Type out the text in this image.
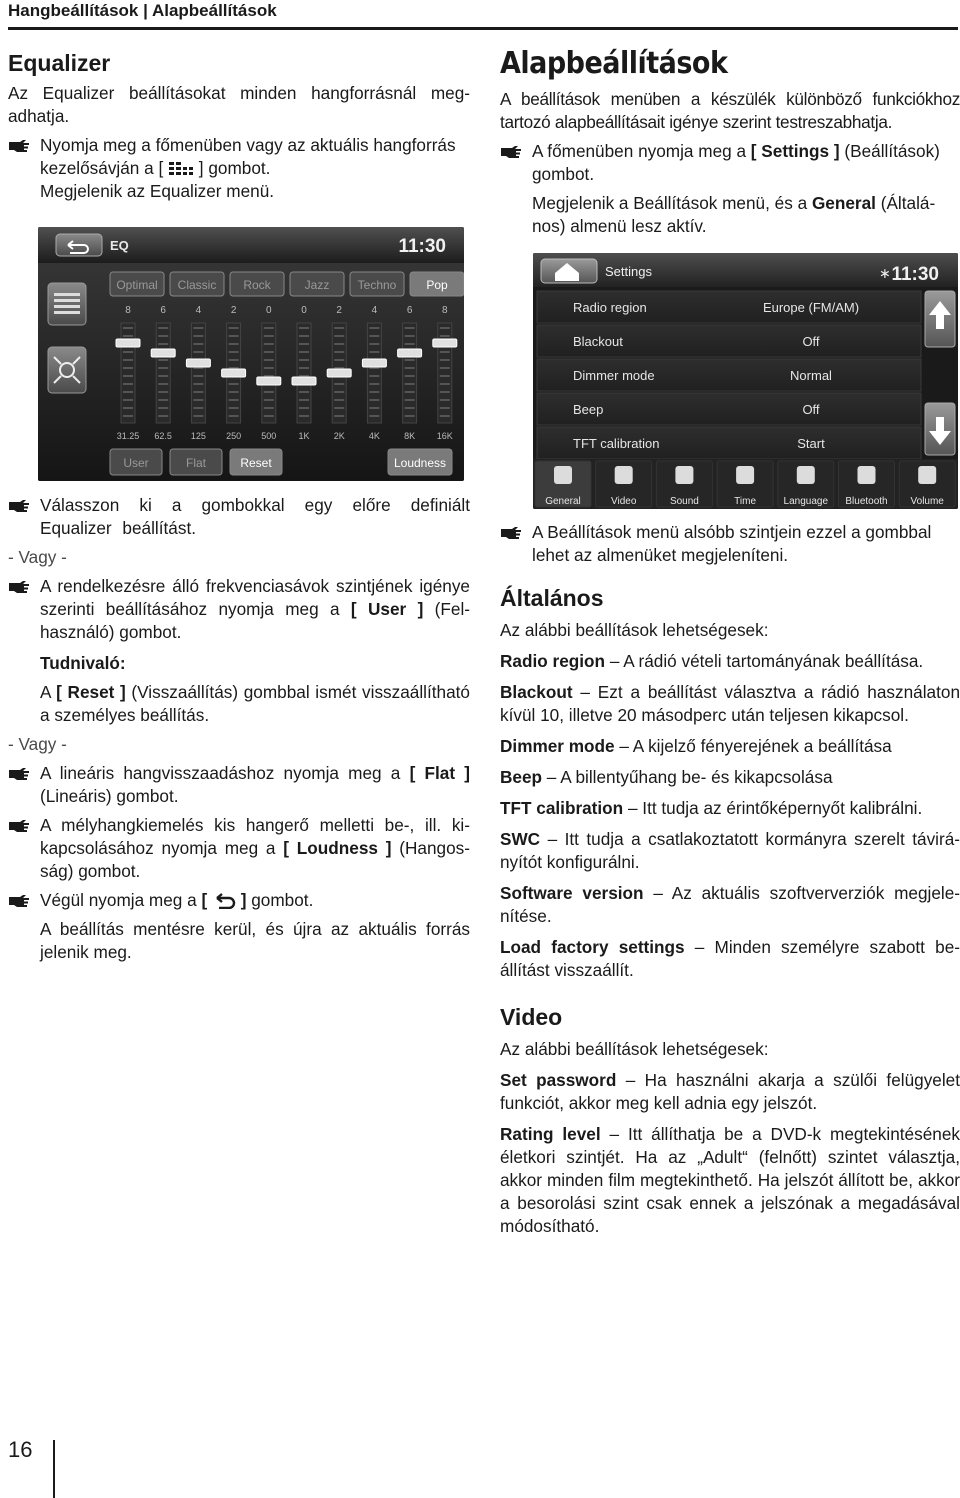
Hangbeállítások | Alapbeállítások
Equalizer

Az Equalizer beállításokat minden hangforrásnál megadhatja.

Nyomja meg a főmenüben vagy az aktuális hangforrás kezelősávján a [  ] gombot.

Megjelenik az Equalizer menü.

EQ	11:30
Optimal Classic Rock	Jazz Techno Pop
8	6	4	2	0	0	2	4	6	8
31.25 62.5 125 250 500 1K	2K	4K	8K 16K
User	Flat	Reset	Loudness

Válasszon ki a gombokkal egy előre definiált Equalizer beállítást.

- Vagy -

A rendelkezésre álló frekvenciasávok szintjének igénye szerinti beállításához nyomja meg a [ User ] (Felhasználó) gombot.

Tudnivaló:

A [ Reset ] (Visszaállítás) gombbal ismét visszaállítható a személyes beállítás.

- Vagy -

A lineáris hangvisszaadáshoz nyomja meg a [ Flat ] (Lineáris) gombot.

A mélyhangkiemelés kis hangerő melletti be-, ill. kikapcsolásához nyomja meg a [ Loudness ] (Hangosság) gombot.

Végül nyomja meg a [  ] gombot.

A beállítás mentésre kerül, és újra az aktuális forrás jelenik meg.

Alapbeállítások

A beállítások menüben a készülék különböző funkciókhoz tartozó alapbeállításait igénye szerint testreszabhatja.

A főmenüben nyomja meg a [ Settings ] (Beállítások) gombot.

Megjelenik a Beállítások menü, és a General (Általános) almenü lesz aktív.

Settings	∗ 11:30
Radio region	Europe (FM/AM)
Blackout	Off
Dimmer mode	Normal
Beep	Off
TFT calibration	Start
General	Video	Sound	Time	Language Bluetooth Volume

A Beállítások menü alsóbb szintjein ezzel a gombbal lehet az almenüket megjeleníteni.

Általános

Az alábbi beállítások lehetségesek:

Radio region – A rádió vételi tartományának beállítása.

Blackout – Ezt a beállítást választva a rádió használaton kívül 10, illetve 20 másodperc után teljesen kikapcsol.

Dimmer mode – A kijelző fényerejének a beállítása

Beep – A billentyűhang be- és kikapcsolása

TFT calibration – Itt tudja az érintőképernyőt kalibrálni.

SWC – Itt tudja a csatlakoztatott kormányra szerelt távirányítót konfigurálni.

Software version – Az aktuális szoftververziók megjelenítése.

Load factory settings – Minden személyre szabott beállítást visszaállít.

Video

Az alábbi beállítások lehetségesek:

Set password – Ha használni akarja a szülői felügyelet funkciót, akkor meg kell adnia egy jelszót.

Rating level – Itt állíthatja be a DVD-k megtekintésének életkori szintjét. Ha az „Adult“ (felnőtt) szintet választja, akkor minden film megtekinthető. Ha jelszót állított be, akkor a besorolási szint csak ennek a jelszónak a megadásával módosítható.

16
